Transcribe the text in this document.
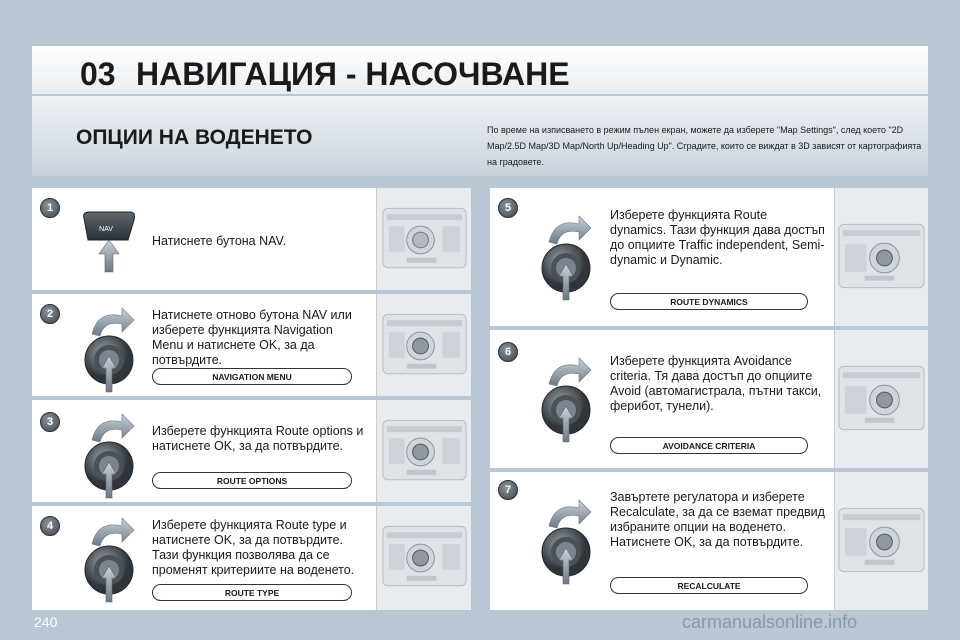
03 НАВИГАЦИЯ - НАСОЧВАНЕ
ОПЦИИ НА ВОДЕНЕТО	По време на изписването в режим пълен екран, можете да изберете "Map Settings", след което "2D Map/2.5D Map/3D Map/North Up/Heading Up". Сградите, които се виждат в 3D зависят от картографията на градовете.
1
NAV
Натиснете бутона NAV.
2	Натиснете отново бутона NAV или изберете функцията Navigation Menu и натиснете OK, за да потвърдите.
NAVIGATION MENU
3
Изберете функцията Route options и натиснете OK, за да потвърдите.
ROUTE OPTIONS
4	Изберете функцията Route type и натиснете OK, за да потвърдите. Тази функция позволява да се променят критериите на воденето.
ROUTE TYPE
5	Изберете функцията Route dynamics. Тази функция дава достъп до опциите Traffic independent, Semi-dynamic и Dynamic.
ROUTE DYNAMICS
6
Изберете функцията Avoidance criteria. Тя дава достъп до опциите Avoid (автомагистрала, пътни такси, фeрибот, тунели).
AVOIDANCE CRITERIA
7	Завъртете регулатора и изберете Recalculate, за да се вземат предвид избраните опции на воденето. Натиснете OK, за да потвърдите.
RECALCULATE
240	carmanualsonline.info
